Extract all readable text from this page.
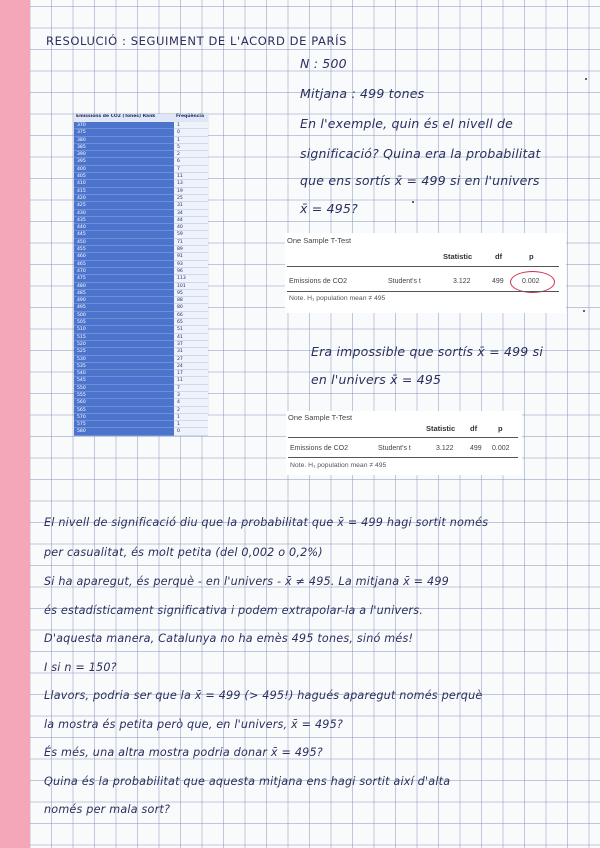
RESOLUCIÓ : SEGUIMENT DE L'ACORD DE PARÍS
N : 500
Mitjana : 499 tones
En l'exemple, quin és el nivell de
significació? Quina era la probabilitat
que ens sortís x̄ = 499 si en l'univers
x̄ = 495?
Emissions de CO2 (Tones) Rank	Freqüència
370	1
375	0
380	1
385	5
390	2
395	6
400	7
405	11
410	13
415	19
420	25
425	31
430	34
435	44
440	40
445	59
450	71
455	89
460	91
465	93
470	96
475	113
480	101
485	95
490	88
495	80
500	66
505	65
510	51
515	41
520	37
525	31
530	27
535	24
540	17
545	11
550	7
555	3
560	4
565	2
570	1
575	1
580	0
One Sample T-Test
Statistic	df	p
Emissions de CO2	Student's t	3.122	499	0.002
Note. H₁ population mean ≠ 495
Era impossible que sortís x̄ = 499 si
en l'univers x̄ = 495
One Sample T-Test
Statistic df	p
Emissions de CO2	Student's t	3.122 499 0.002
Note. H₁ population mean ≠ 495
El nivell de significació diu que la probabilitat que x̄ = 499 hagi sortit només
per casualitat, és molt petita (del 0,002 o 0,2%)
Si ha aparegut, és perquè - en l'univers - x̄ ≠ 495. La mitjana x̄ = 499
és estadísticament significativa i podem extrapolar-la a l'univers.
D'aquesta manera, Catalunya no ha emès 495 tones, sinó més!
I si n = 150?
Llavors, podria ser que la x̄ = 499 (> 495!) hagués aparegut només perquè
la mostra és petita però que, en l'univers, x̄ = 495?
És més, una altra mostra podria donar x̄ = 495?
Quina és la probabilitat que aquesta mitjana ens hagi sortit així d'alta
només per mala sort?
